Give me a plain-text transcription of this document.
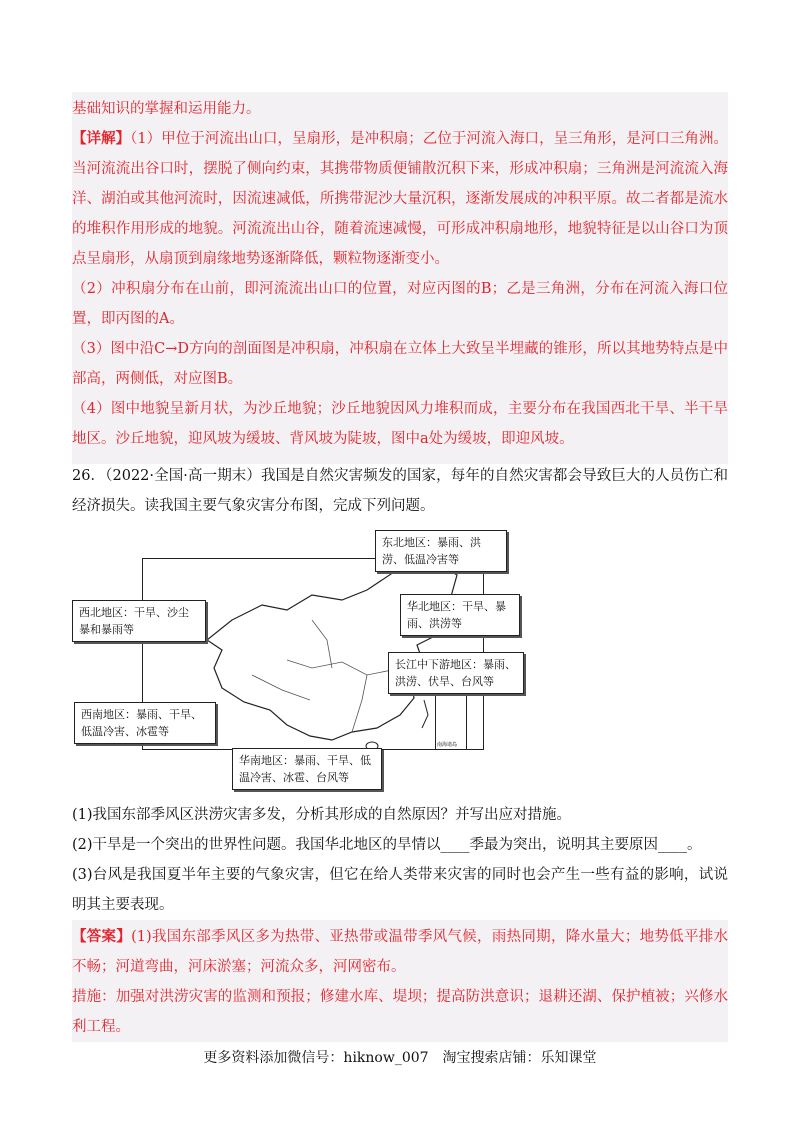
基础知识的掌握和运用能力。

【详解】（1）甲位于河流出山口，呈扇形，是冲积扇；乙位于河流入海口，呈三角形，是河口三角洲。当河流流出谷口时，摆脱了侧向约束，其携带物质便铺散沉积下来，形成冲积扇；三角洲是河流流入海洋、湖泊或其他河流时，因流速减低，所携带泥沙大量沉积，逐渐发展成的冲积平原。故二者都是流水的堆积作用形成的地貌。河流流出山谷，随着流速减慢，可形成冲积扇地形，地貌特征是以山谷口为顶点呈扇形，从扇顶到扇缘地势逐渐降低，颗粒物逐渐变小。

（2）冲积扇分布在山前，即河流流出山口的位置，对应丙图的B；乙是三角洲，分布在河流入海口位置，即丙图的A。

（3）图中沿C→D方向的剖面图是冲积扇，冲积扇在立体上大致呈半埋藏的锥形，所以其地势特点是中部高，两侧低，对应图B。

（4）图中地貌呈新月状，为沙丘地貌；沙丘地貌因风力堆积而成，主要分布在我国西北干旱、半干旱地区。沙丘地貌，迎风坡为缓坡、背风坡为陡坡，图中a处为缓坡，即迎风坡。

26．（2022·全国·高一期末）我国是自然灾害频发的国家，每年的自然灾害都会导致巨大的人员伤亡和经济损失。读我国主要气象灾害分布图，完成下列问题。

南海诸岛
东北地区：暴雨、洪涝、低温冷害等
西北地区：干旱、沙尘暴和暴雨等
华北地区：干旱、暴雨、洪涝等
长江中下游地区：暴雨、洪涝、伏旱、台风等
西南地区：暴雨、干旱、低温冷害、冰雹等
华南地区：暴雨、干旱、低温冷害、冰雹、台风等

(1)我国东部季风区洪涝灾害多发，分析其形成的自然原因？并写出应对措施。

(2)干旱是一个突出的世界性问题。我国华北地区的旱情以____季最为突出，说明其主要原因____。

(3)台风是我国夏半年主要的气象灾害，但它在给人类带来灾害的同时也会产生一些有益的影响，试说明其主要表现。

【答案】(1)我国东部季风区多为热带、亚热带或温带季风气候，雨热同期，降水量大；地势低平排水不畅；河道弯曲，河床淤塞；河流众多，河网密布。

措施：加强对洪涝灾害的监测和预报；修建水库、堤坝；提高防洪意识；退耕还湖、保护植被；兴修水利工程。

更多资料添加微信号：hiknow_007　淘宝搜索店铺：乐知课堂
